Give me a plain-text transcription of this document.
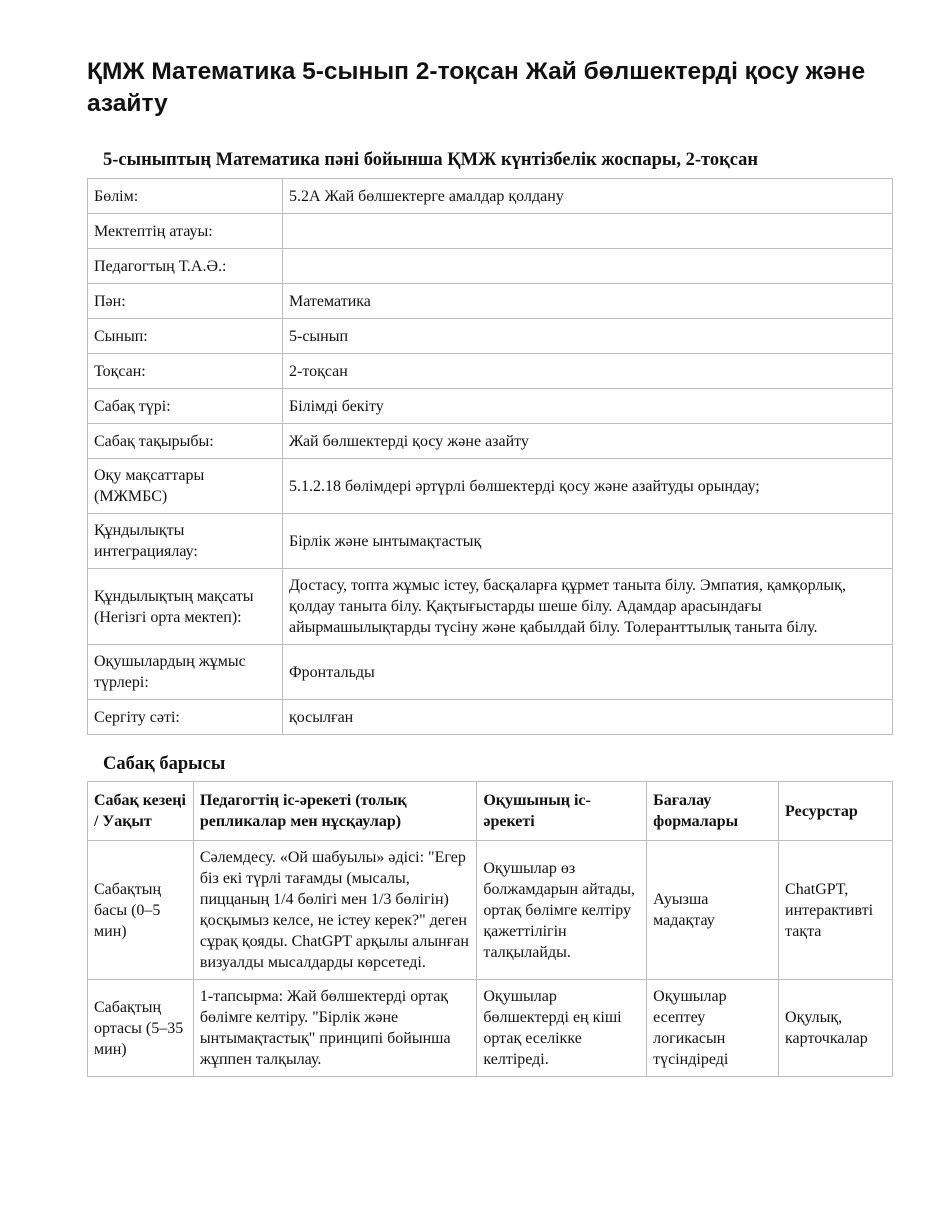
ҚМЖ Математика 5-сынып 2-тоқсан Жай бөлшектерді қосу және азайту
5-сыныптың Математика пәні бойынша ҚМЖ күнтізбелік жоспары, 2-тоқсан
Бөлім:	5.2А Жай бөлшектерге амалдар қолдану
Мектептің атауы:	
Педагогтың Т.А.Ә.:	
Пән:	Математика
Сынып:	5-сынып
Тоқсан:	2-тоқсан
Сабақ түрі:	Білімді бекіту
Сабақ тақырыбы:	Жай бөлшектерді қосу және азайту
Оқу мақсаттары (МЖМБС)	5.1.2.18 бөлімдері әртүрлі бөлшектерді қосу және азайтуды орындау;
Құндылықты интеграциялау:	Бірлік және ынтымақтастық
Құндылықтың мақсаты (Негізгі орта мектеп):	Достасу, топта жұмыс істеу, басқаларға құрмет таныта білу. Эмпатия, қамқорлық, қолдау таныта білу. Қақтығыстарды шеше білу. Адамдар арасындағы айырмашылықтарды түсіну және қабылдай білу. Толеранттылық таныта білу.
Оқушылардың жұмыс түрлері:	Фронтальды
Сергіту сәті:	қосылған
Сабақ барысы
Сабақ кезеңі / Уақыт	Педагогтің іс-әрекеті (толық репликалар мен нұсқаулар)	Оқушының іс-әрекеті	Бағалау формалары	Ресурстар
Сабақтың басы (0–5 мин)	Сәлемдесу. «Ой шабуылы» әдісі: "Егер біз екі түрлі тағамды (мысалы, пиццаның 1/4 бөлігі мен 1/3 бөлігін) қосқымыз келсе, не істеу керек?" деген сұрақ қояды. ChatGPT арқылы алынған визуалды мысалдарды көрсетеді.	Оқушылар өз болжамдарын айтады, ортақ бөлімге келтіру қажеттілігін талқылайды.	Ауызша мадақтау	ChatGPT, интерактивті тақта
Сабақтың ортасы (5–35 мин)	1-тапсырма: Жай бөлшектерді ортақ бөлімге келтіру. "Бірлік және ынтымақтастық" принципі бойынша жұппен талқылау.	Оқушылар бөлшектерді ең кіші ортақ еселікке келтіреді.	Оқушылар есептеу логикасын түсіндіреді	Оқулық, карточкалар
